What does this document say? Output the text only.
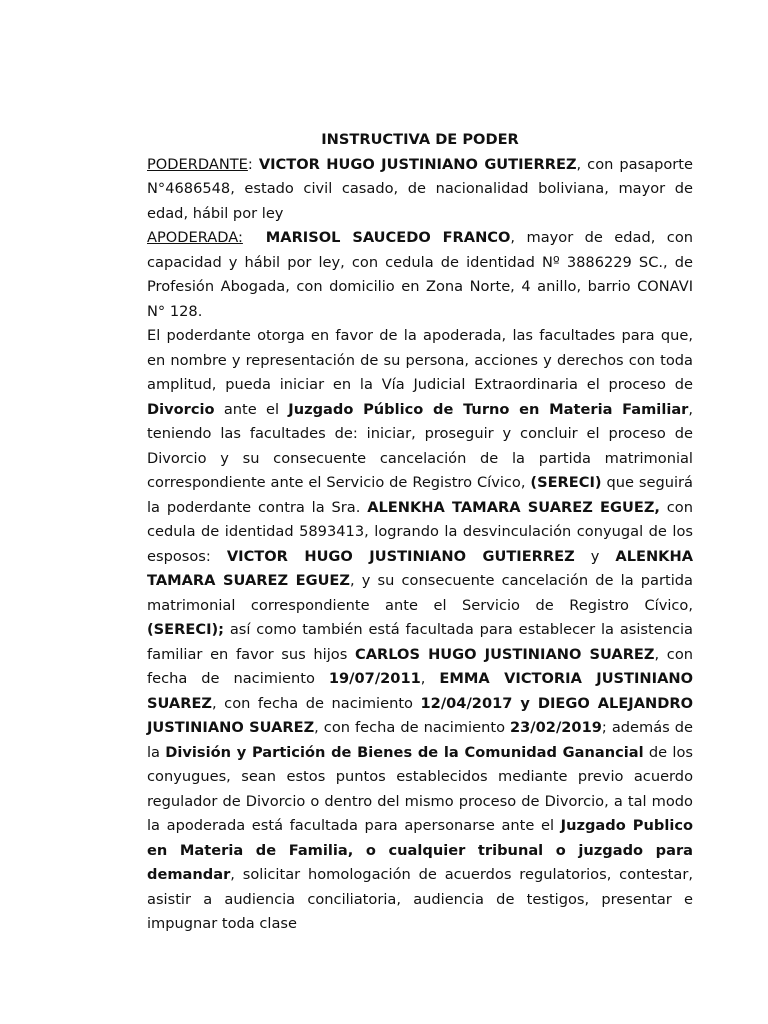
INSTRUCTIVA DE PODER

PODERDANTE: VICTOR HUGO JUSTINIANO GUTIERREZ, con pasaporte N°4686548, estado civil casado, de nacionalidad boliviana, mayor de edad, hábil por ley

APODERADA: MARISOL SAUCEDO FRANCO, mayor de edad, con capacidad y hábil por ley, con cedula de identidad Nº 3886229 SC., de Profesión Abogada, con domicilio en Zona Norte, 4 anillo, barrio CONAVI N° 128.

El poderdante otorga en favor de la apoderada, las facultades para que, en nombre y representación de su persona, acciones y derechos con toda amplitud, pueda iniciar en la Vía Judicial Extraordinaria el proceso de Divorcio ante el Juzgado Público de Turno en Materia Familiar, teniendo las facultades de: iniciar, proseguir y concluir el proceso de Divorcio y su consecuente cancelación de la partida matrimonial correspondiente ante el Servicio de Registro Cívico, (SERECI) que seguirá la poderdante contra la Sra. ALENKHA TAMARA SUAREZ EGUEZ, con cedula de identidad 5893413, logrando la desvinculación conyugal de los esposos: VICTOR HUGO JUSTINIANO GUTIERREZ y ALENKHA TAMARA SUAREZ EGUEZ, y su consecuente cancelación de la partida matrimonial correspondiente ante el Servicio de Registro Cívico, (SERECI); así como también está facultada para establecer la asistencia familiar en favor sus hijos CARLOS HUGO JUSTINIANO SUAREZ, con fecha de nacimiento 19/07/2011, EMMA VICTORIA JUSTINIANO SUAREZ, con fecha de nacimiento 12/04/2017 y DIEGO ALEJANDRO JUSTINIANO SUAREZ, con fecha de nacimiento 23/02/2019; además de la División y Partición de Bienes de la Comunidad Ganancial de los conyugues, sean estos puntos establecidos mediante previo acuerdo regulador de Divorcio o dentro del mismo proceso de Divorcio, a tal modo la apoderada está facultada para apersonarse ante el Juzgado Publico en Materia de Familia, o cualquier tribunal o juzgado para demandar, solicitar homologación de acuerdos regulatorios, contestar, asistir a audiencia conciliatoria, audiencia de testigos, presentar e impugnar toda clase
